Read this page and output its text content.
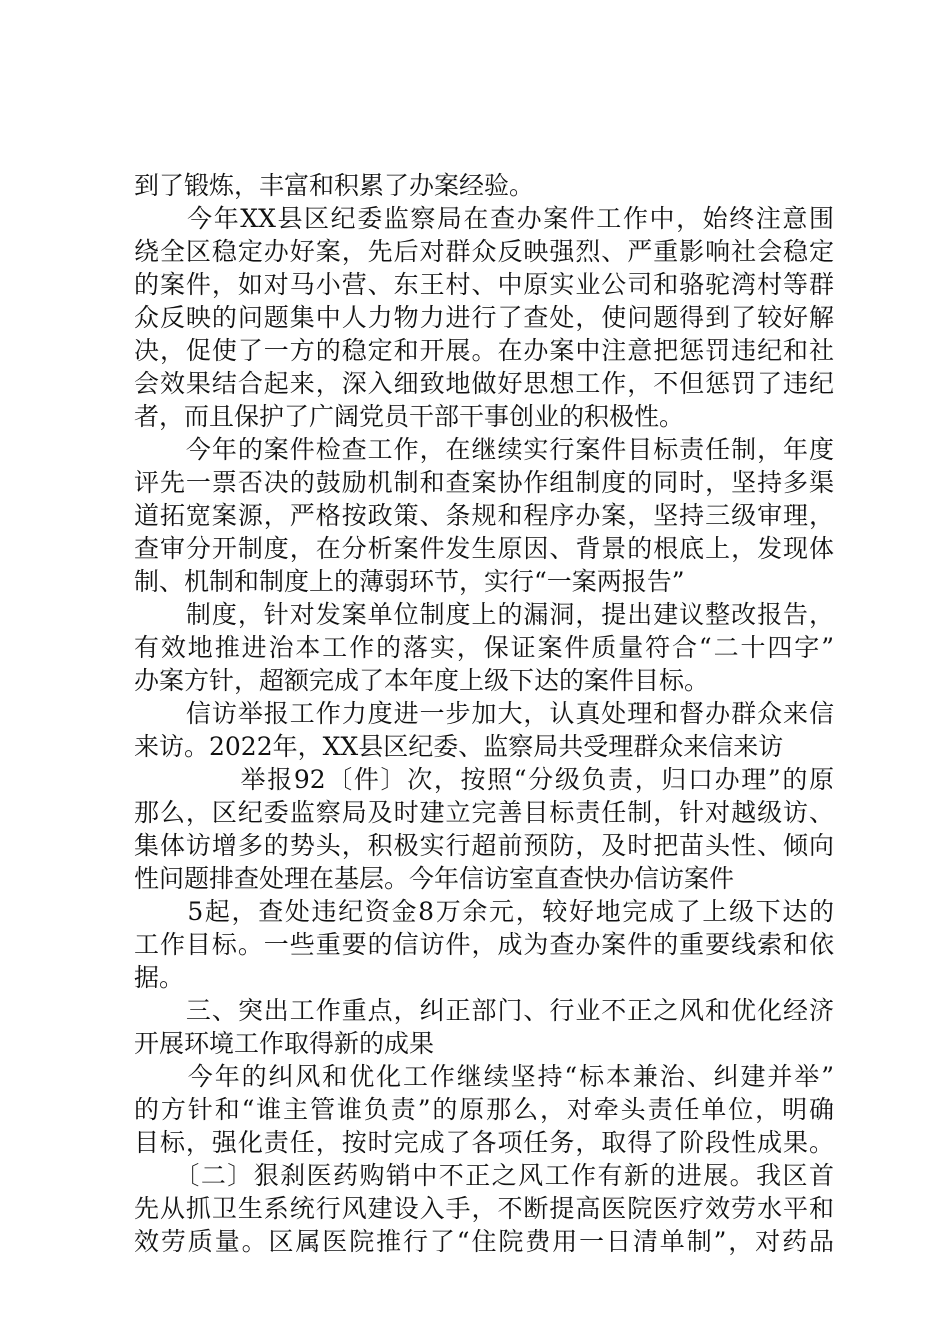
到了锻炼，丰富和积累了办案经验。
　　今年XX县区纪委监察局在查办案件工作中，始终注意围
绕全区稳定办好案，先后对群众反映强烈、严重影响社会稳定
的案件，如对马小营、东王村、中原实业公司和骆驼湾村等群
众反映的问题集中人力物力进行了查处，使问题得到了较好解
决，促使了一方的稳定和开展。在办案中注意把惩罚违纪和社
会效果结合起来，深入细致地做好思想工作，不但惩罚了违纪
者，而且保护了广阔党员干部干事创业的积极性。
　　今年的案件检查工作，在继续实行案件目标责任制，年度
评先一票否决的鼓励机制和查案协作组制度的同时，坚持多渠
道拓宽案源，严格按政策、条规和程序办案，坚持三级审理，
查审分开制度，在分析案件发生原因、背景的根底上，发现体
制、机制和制度上的薄弱环节，实行“一案两报告”
　　制度，针对发案单位制度上的漏洞，提出建议整改报告，
有效地推进治本工作的落实，保证案件质量符合“二十四字”
办案方针，超额完成了本年度上级下达的案件目标。
　　信访举报工作力度进一步加大，认真处理和督办群众来信
来访。2022年，XX县区纪委、监察局共受理群众来信来访
　　　　举报92〔件〕次，按照“分级负责，归口办理”的原
那么，区纪委监察局及时建立完善目标责任制，针对越级访、
集体访增多的势头，积极实行超前预防，及时把苗头性、倾向
性问题排查处理在基层。今年信访室直查快办信访案件
　　5起，查处违纪资金8万余元，较好地完成了上级下达的
工作目标。一些重要的信访件，成为查办案件的重要线索和依
据。
　　三、突出工作重点，纠正部门、行业不正之风和优化经济
开展环境工作取得新的成果
　　今年的纠风和优化工作继续坚持“标本兼治、纠建并举”
的方针和“谁主管谁负责”的原那么，对牵头责任单位，明确
目标，强化责任，按时完成了各项任务，取得了阶段性成果。
　　〔二〕狠刹医药购销中不正之风工作有新的进展。我区首
先从抓卫生系统行风建设入手，不断提高医院医疗效劳水平和
效劳质量。区属医院推行了“住院费用一日清单制”，对药品
